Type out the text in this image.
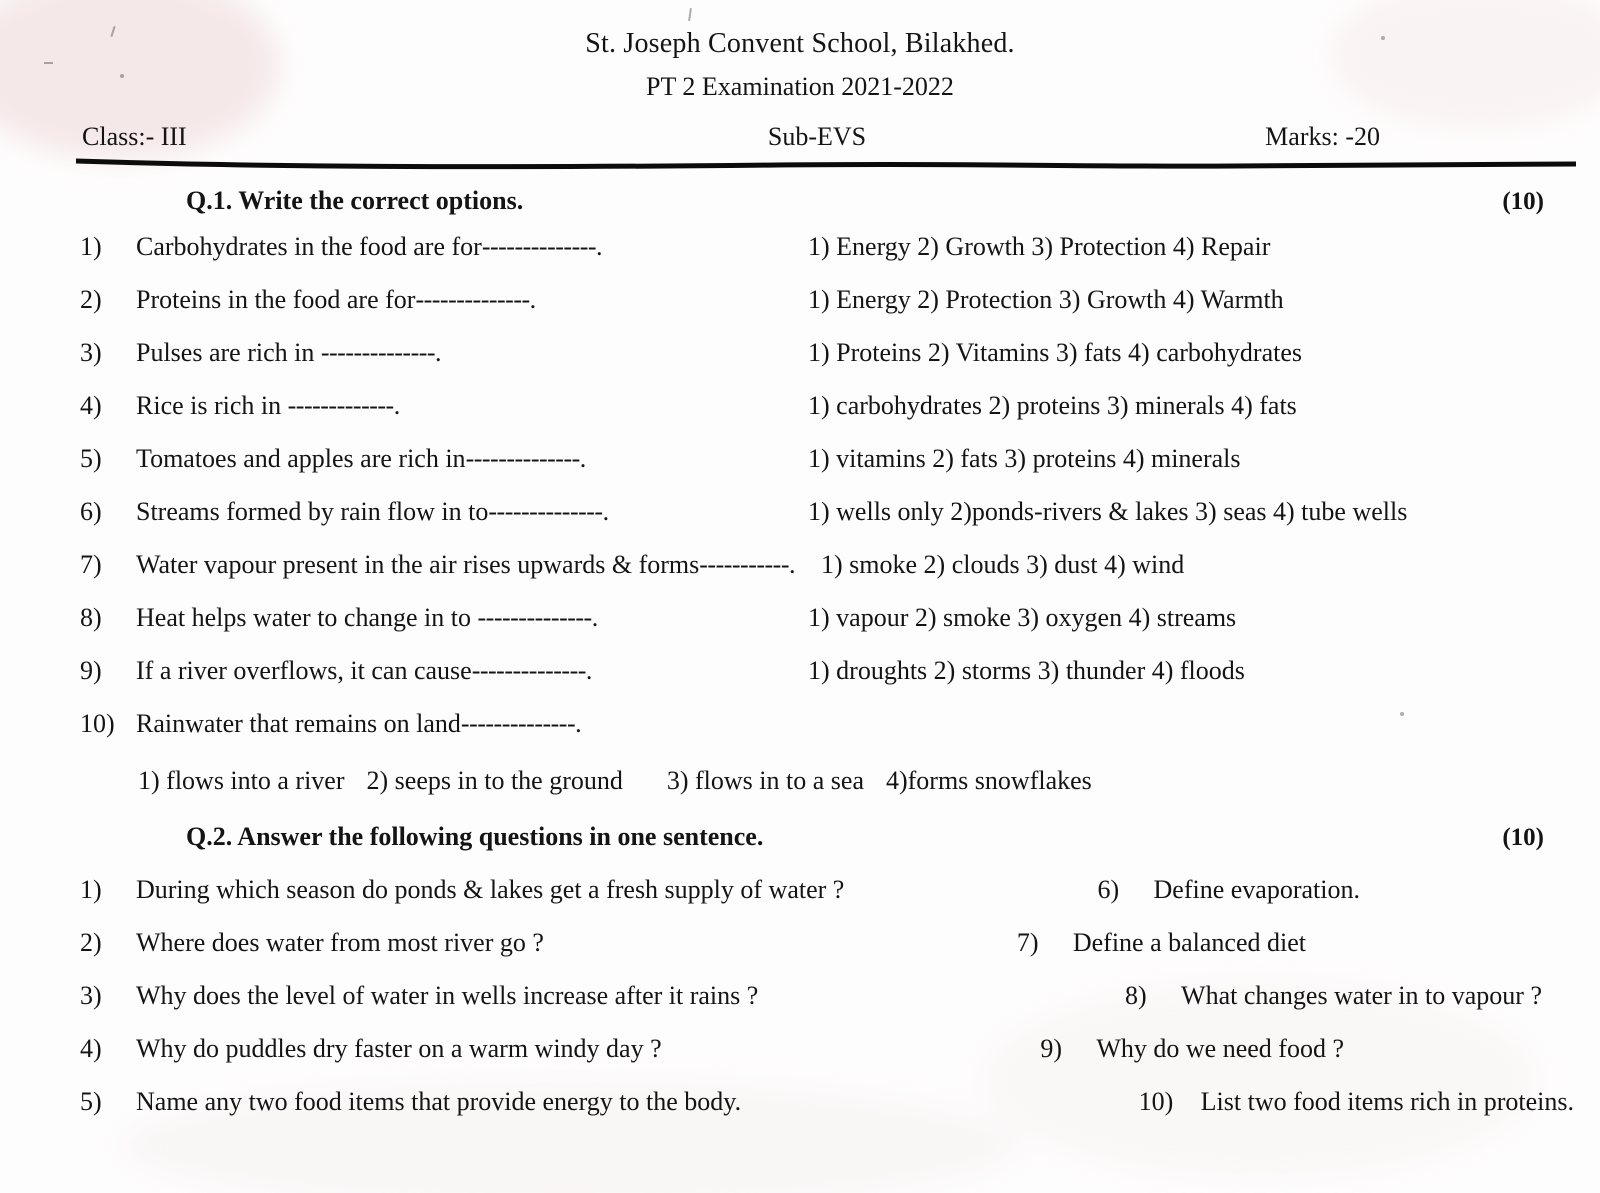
St. Joseph Convent School, Bilakhed.
PT 2 Examination 2021-2022
Class:- III	Sub-EVS	Marks: -20
Q.1. Write the correct options.	(10)
1)	Carbohydrates in the food are for--------------.	1) Energy 2) Growth 3) Protection 4) Repair
2)	Proteins in the food are for--------------.	1) Energy 2) Protection 3) Growth 4) Warmth
3)	Pulses are rich in --------------.	1) Proteins 2) Vitamins 3) fats 4) carbohydrates
4)	Rice is rich in -------------.	1) carbohydrates 2) proteins 3) minerals 4) fats
5)	Tomatoes and apples are rich in--------------.	1) vitamins 2) fats 3) proteins 4) minerals
6)	Streams formed by rain flow in to--------------.	1) wells only 2)ponds-rivers & lakes 3) seas 4) tube wells
7)	Water vapour present in the air rises upwards & forms-----------.	1) smoke 2) clouds 3) dust 4) wind
8)	Heat helps water to change in to --------------.	1) vapour 2) smoke 3) oxygen 4) streams
9)	If a river overflows, it can cause--------------.	1) droughts 2) storms 3) thunder 4) floods
10) Rainwater that remains on land--------------.
1) flows into a river 2) seeps in to the ground 3) flows in to a sea 4)forms snowflakes
Q.2. Answer the following questions in one sentence.	(10)
1)	During which season do ponds & lakes get a fresh supply of water ?	6)	Define evaporation.
2)	Where does water from most river go ?	7)	Define a balanced diet
3)	Why does the level of water in wells increase after it rains ?	8)	What changes water in to vapour ?
4)	Why do puddles dry faster on a warm windy day ?	9)	Why do we need food ?
5)	Name any two food items that provide energy to the body.	10)	List two food items rich in proteins.
